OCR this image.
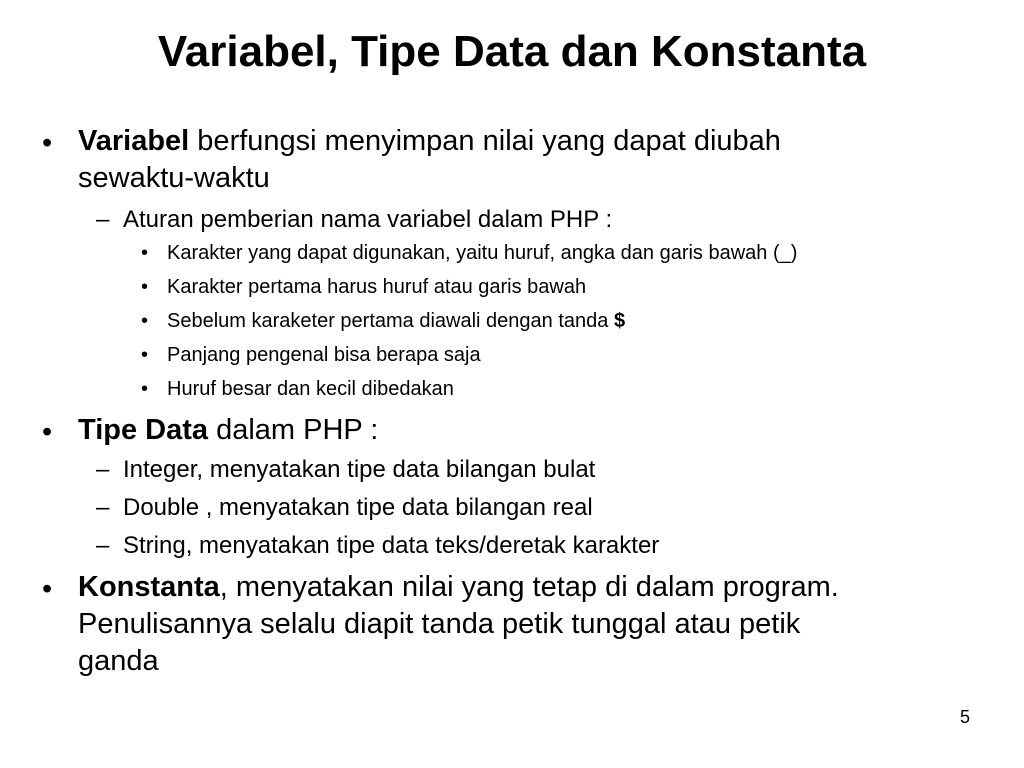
Variabel, Tipe Data dan Konstanta
• Variabel berfungsi menyimpan nilai yang dapat diubah
sewaktu-waktu
– Aturan pemberian nama variabel dalam PHP :
• Karakter yang dapat digunakan, yaitu huruf, angka dan garis bawah (_)
• Karakter pertama harus huruf atau garis bawah
• Sebelum karaketer pertama diawali dengan tanda $
• Panjang pengenal bisa berapa saja
• Huruf besar dan kecil dibedakan
• Tipe Data dalam PHP :
– Integer, menyatakan tipe data bilangan bulat
– Double , menyatakan tipe data bilangan real
– String, menyatakan tipe data teks/deretak karakter
• Konstanta, menyatakan nilai yang tetap di dalam program.
Penulisannya selalu diapit tanda petik tunggal atau petik
ganda
5
